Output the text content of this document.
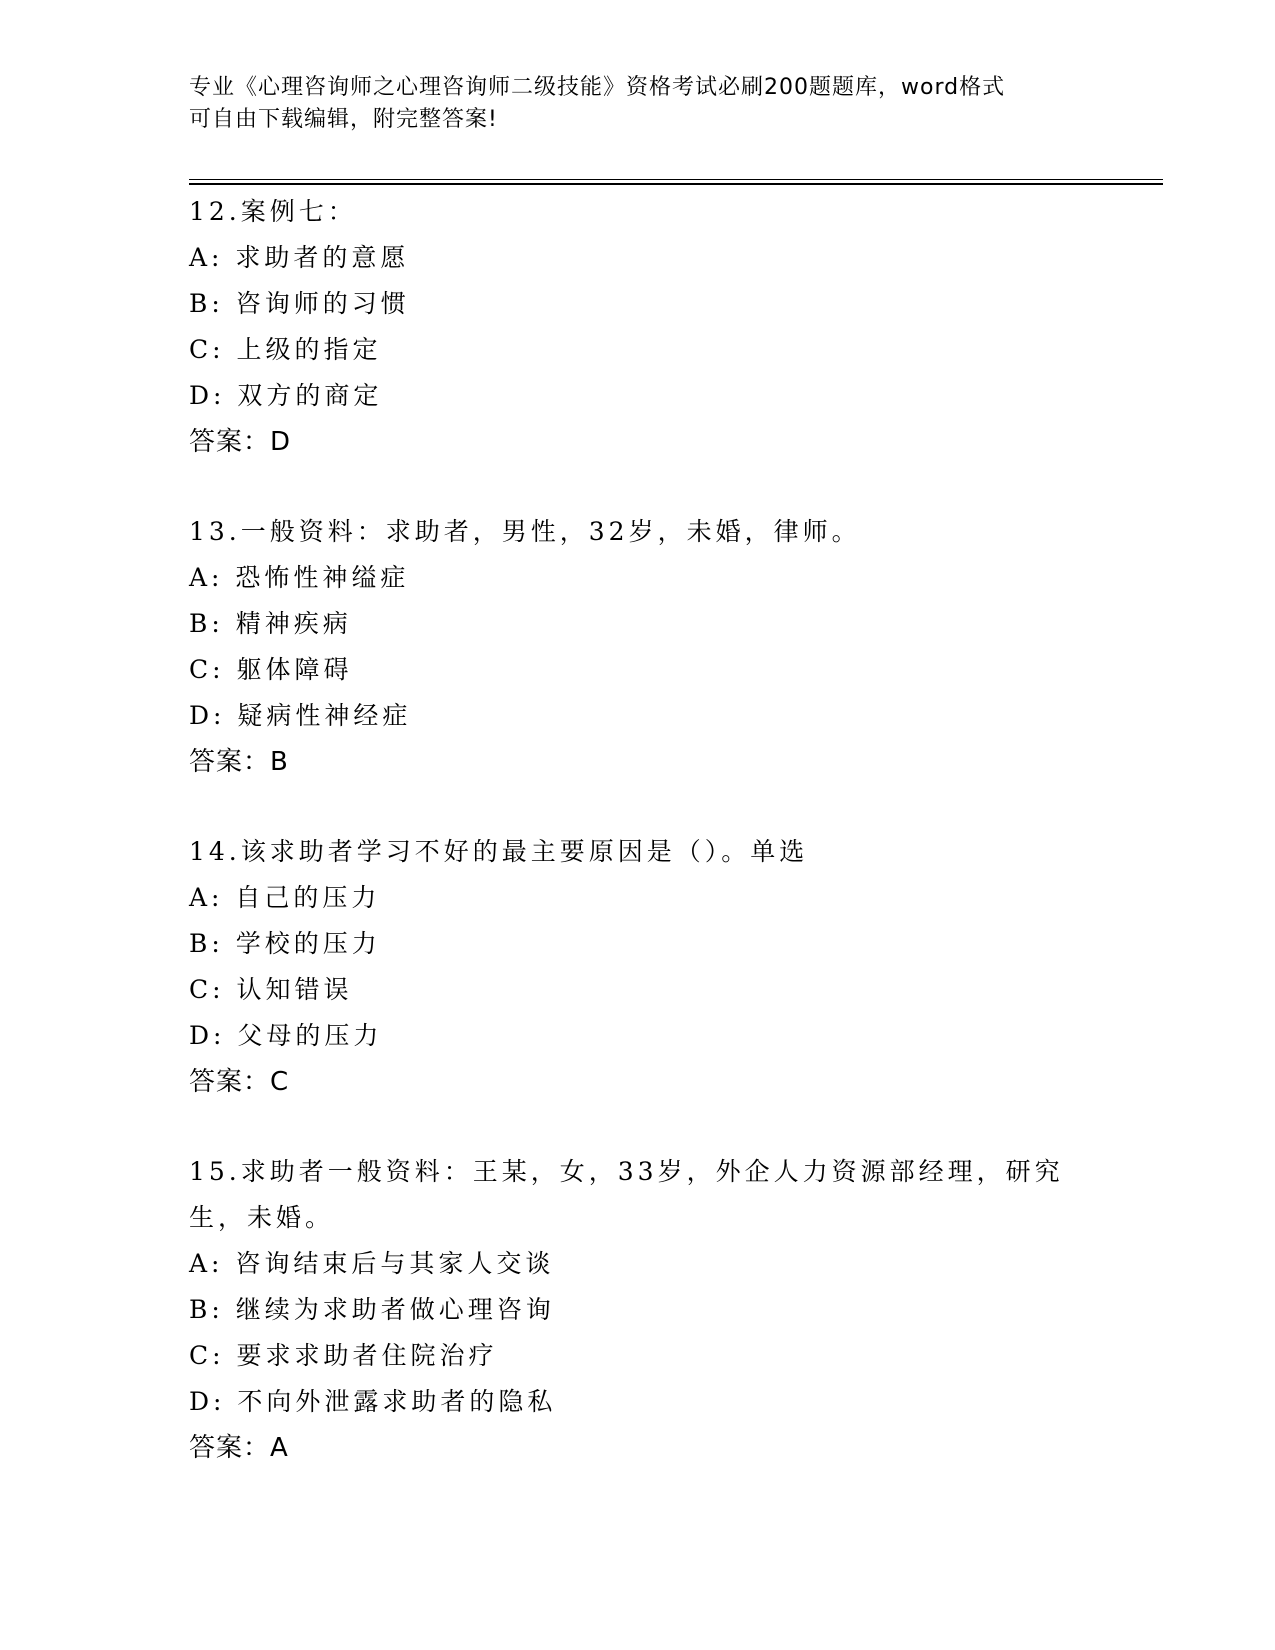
专业《心理咨询师之心理咨询师二级技能》资格考试必刷200题题库，word格式
可自由下载编辑，附完整答案!
12.案例七：
A: 求助者的意愿
B: 咨询师的习惯
C: 上级的指定
D: 双方的商定
答案：D
13.一般资料：求助者，男性，32岁，未婚，律师。
A: 恐怖性神缢症
B: 精神疾病
C: 躯体障碍
D: 疑病性神经症
答案：B
14.该求助者学习不好的最主要原因是（）。单选
A: 自己的压力
B: 学校的压力
C: 认知错误
D: 父母的压力
答案：C
15.求助者一般资料：王某，女，33岁，外企人力资源部经理，研究生，未婚。
A: 咨询结束后与其家人交谈
B: 继续为求助者做心理咨询
C: 要求求助者住院治疗
D: 不向外泄露求助者的隐私
答案：A
